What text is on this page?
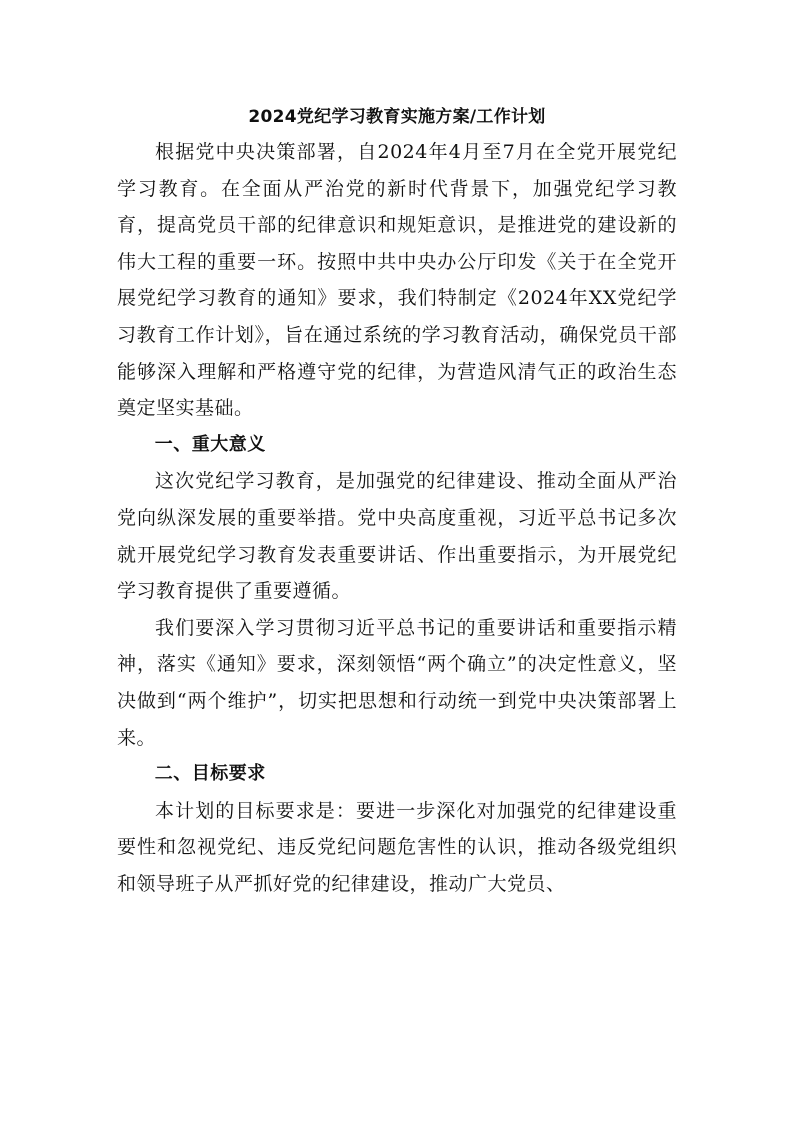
2024党纪学习教育实施方案/工作计划

根据党中央决策部署，自2024年4月至7月在全党开展党纪学习教育。在全面从严治党的新时代背景下，加强党纪学习教育，提高党员干部的纪律意识和规矩意识，是推进党的建设新的伟大工程的重要一环。按照中共中央办公厅印发《关于在全党开展党纪学习教育的通知》要求，我们特制定《2024年XX党纪学习教育工作计划》，旨在通过系统的学习教育活动，确保党员干部能够深入理解和严格遵守党的纪律，为营造风清气正的政治生态奠定坚实基础。

一、重大意义

这次党纪学习教育，是加强党的纪律建设、推动全面从严治党向纵深发展的重要举措。党中央高度重视，习近平总书记多次就开展党纪学习教育发表重要讲话、作出重要指示，为开展党纪学习教育提供了重要遵循。

我们要深入学习贯彻习近平总书记的重要讲话和重要指示精神，落实《通知》要求，深刻领悟“两个确立”的决定性意义，坚决做到“两个维护”，切实把思想和行动统一到党中央决策部署上来。

二、目标要求

本计划的目标要求是：要进一步深化对加强党的纪律建设重要性和忽视党纪、违反党纪问题危害性的认识，推动各级党组织和领导班子从严抓好党的纪律建设，推动广大党员、
